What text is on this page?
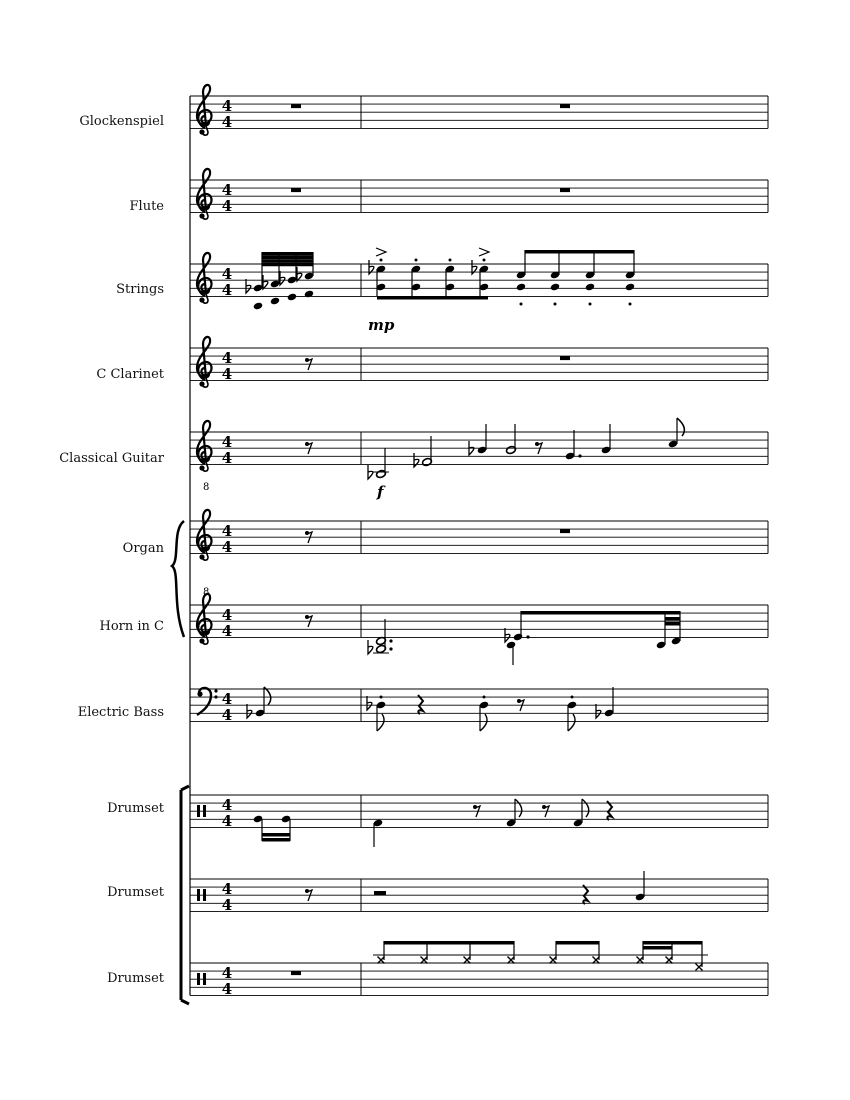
Glockenspiel
Flute
Strings
C Clarinet
Classical Guitar
Organ
Horn in C
Electric Bass
Drumset
Drumset
Drumset
4
4
4
4
4
4
4
4
4
4
4
4
4
4
4
4
4
4
4
4
4
4
mp
8	f
8
